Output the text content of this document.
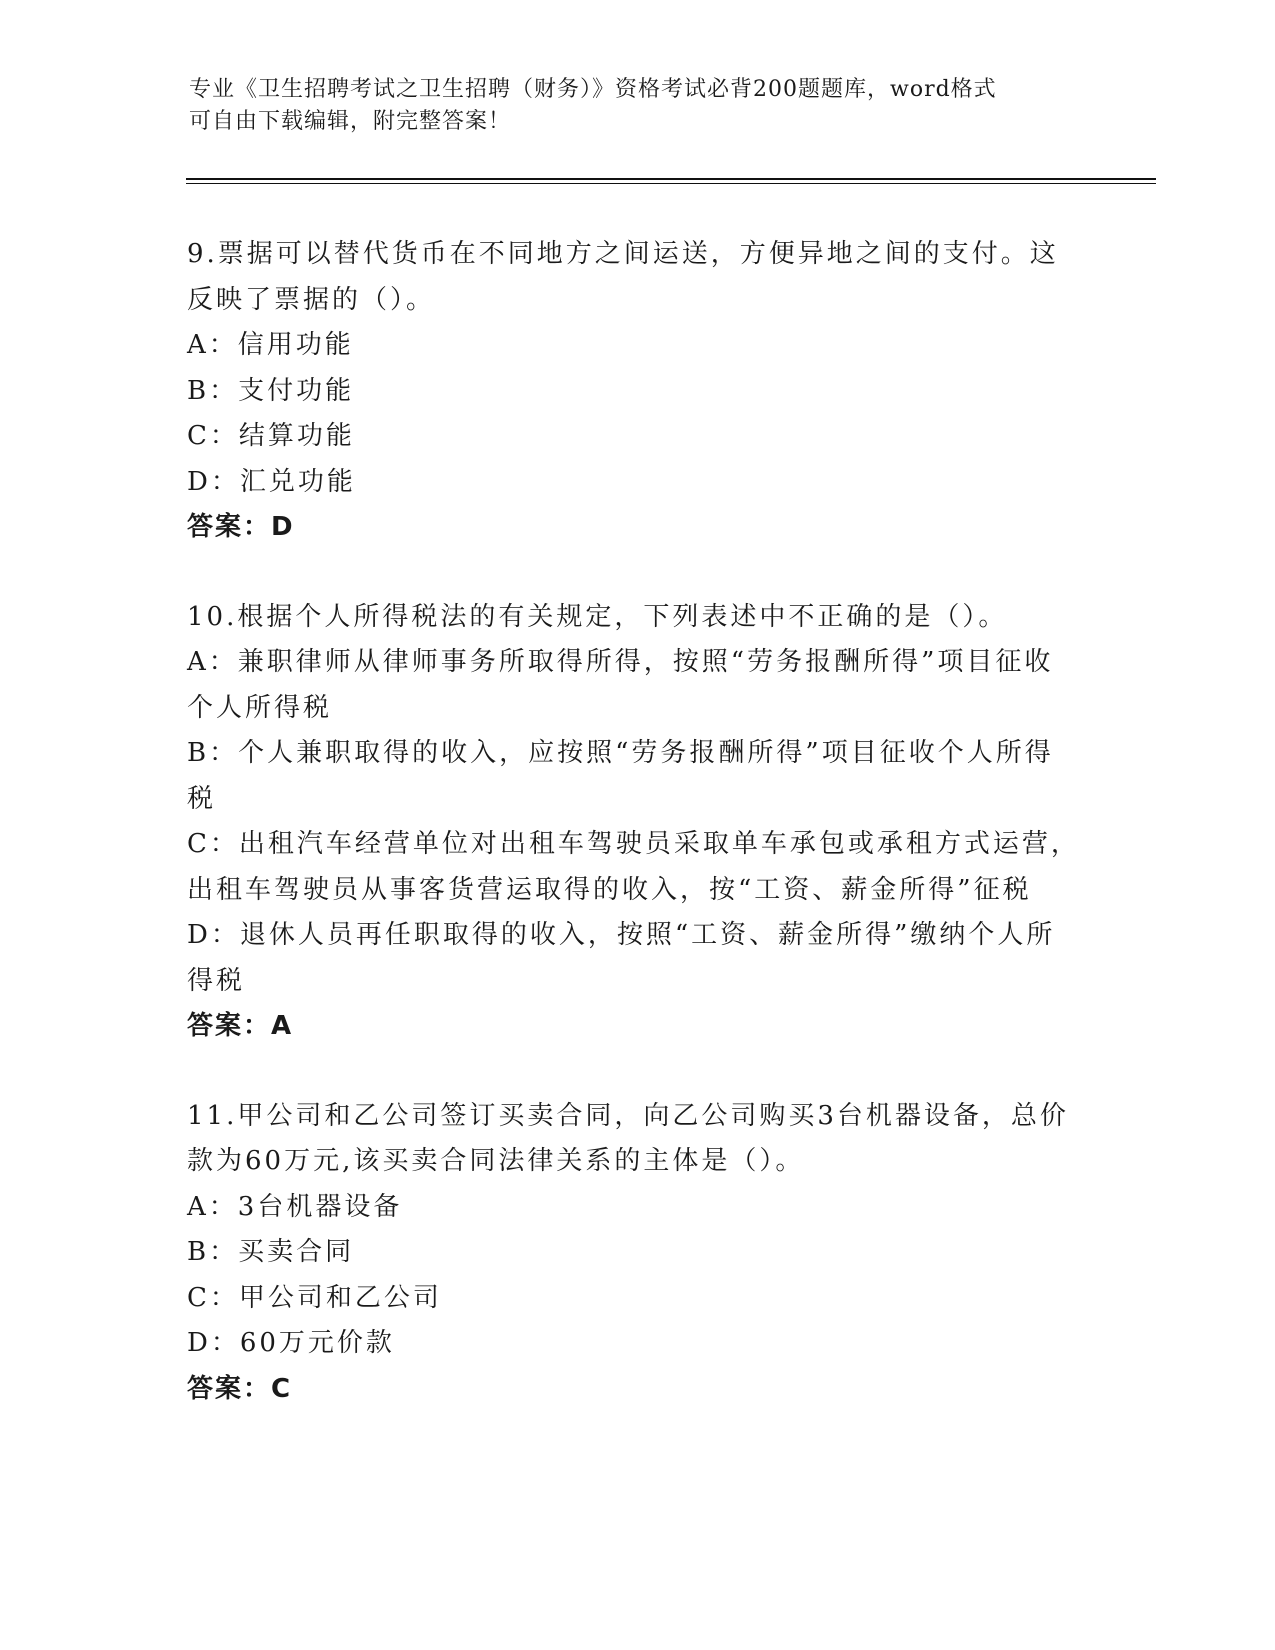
专业《卫生招聘考试之卫生招聘（财务）》资格考试必背200题题库，word格式
可自由下载编辑，附完整答案！
9.票据可以替代货币在不同地方之间运送，方便异地之间的支付。这
反映了票据的（）。
A：信用功能
B：支付功能
C：结算功能
D：汇兑功能
答案：D
10.根据个人所得税法的有关规定，下列表述中不正确的是（）。
A：兼职律师从律师事务所取得所得，按照“劳务报酬所得”项目征收
个人所得税
B：个人兼职取得的收入，应按照“劳务报酬所得”项目征收个人所得
税
C：出租汽车经营单位对出租车驾驶员采取单车承包或承租方式运营，
出租车驾驶员从事客货营运取得的收入，按“工资、薪金所得”征税
D：退休人员再任职取得的收入，按照“工资、薪金所得”缴纳个人所
得税
答案：A
11.甲公司和乙公司签订买卖合同，向乙公司购买3台机器设备，总价
款为60万元,该买卖合同法律关系的主体是（）。
A：3台机器设备
B：买卖合同
C：甲公司和乙公司
D：60万元价款
答案：C
